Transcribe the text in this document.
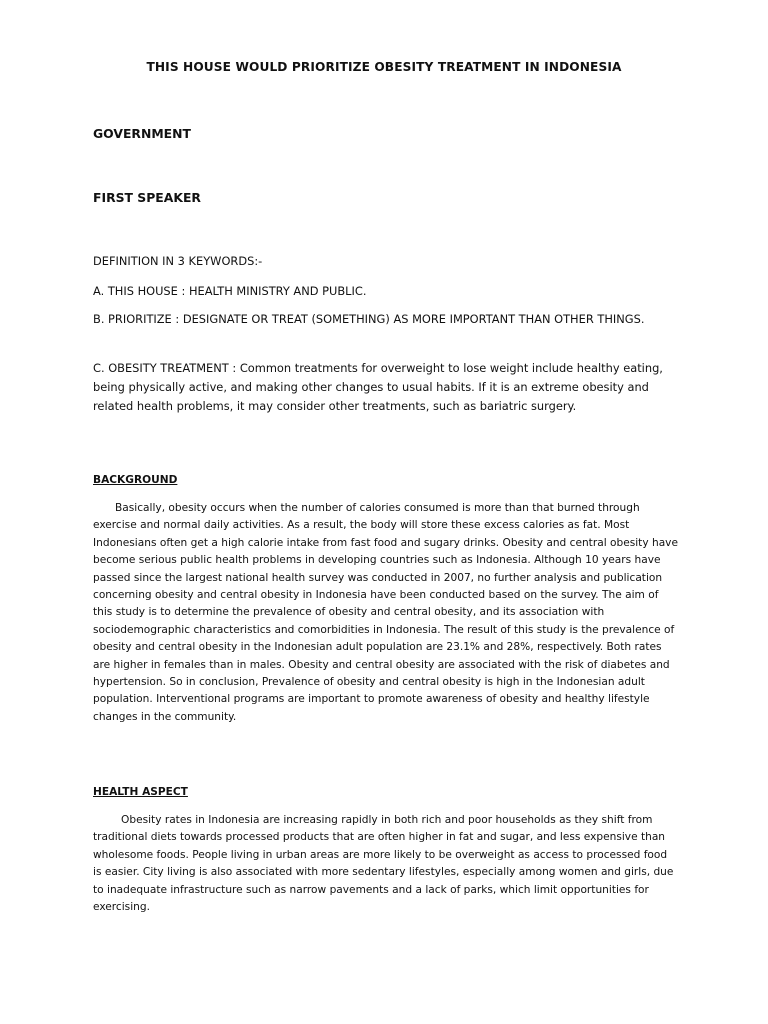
THIS HOUSE WOULD PRIORITIZE OBESITY TREATMENT IN INDONESIA
GOVERNMENT
FIRST SPEAKER

DEFINITION IN 3 KEYWORDS:-

A. THIS HOUSE : HEALTH MINISTRY AND PUBLIC.

B. PRIORITIZE : DESIGNATE OR TREAT (SOMETHING) AS MORE IMPORTANT THAN OTHER THINGS.

C. OBESITY TREATMENT : Common treatments for overweight to lose weight include healthy eating, being physically active, and making other changes to usual habits. If it is an extreme obesity and related health problems, it may consider other treatments, such as bariatric surgery.

BACKGROUND

Basically, obesity occurs when the number of calories consumed is more than that burned through exercise and normal daily activities. As a result, the body will store these excess calories as fat. Most Indonesians often get a high calorie intake from fast food and sugary drinks. Obesity and central obesity have become serious public health problems in developing countries such as Indonesia. Although 10 years have passed since the largest national health survey was conducted in 2007, no further analysis and publication concerning obesity and central obesity in Indonesia have been conducted based on the survey. The aim of this study is to determine the prevalence of obesity and central obesity, and its association with sociodemographic characteristics and comorbidities in Indonesia. The result of this study is the prevalence of obesity and central obesity in the Indonesian adult population are 23.1% and 28%, respectively. Both rates are higher in females than in males. Obesity and central obesity are associated with the risk of diabetes and hypertension. So in conclusion, Prevalence of obesity and central obesity is high in the Indonesian adult population. Interventional programs are important to promote awareness of obesity and healthy lifestyle changes in the community.

HEALTH ASPECT

Obesity rates in Indonesia are increasing rapidly in both rich and poor households as they shift from traditional diets towards processed products that are often higher in fat and sugar, and less expensive than wholesome foods. People living in urban areas are more likely to be overweight as access to processed food is easier. City living is also associated with more sedentary lifestyles, especially among women and girls, due to inadequate infrastructure such as narrow pavements and a lack of parks, which limit opportunities for exercising.
